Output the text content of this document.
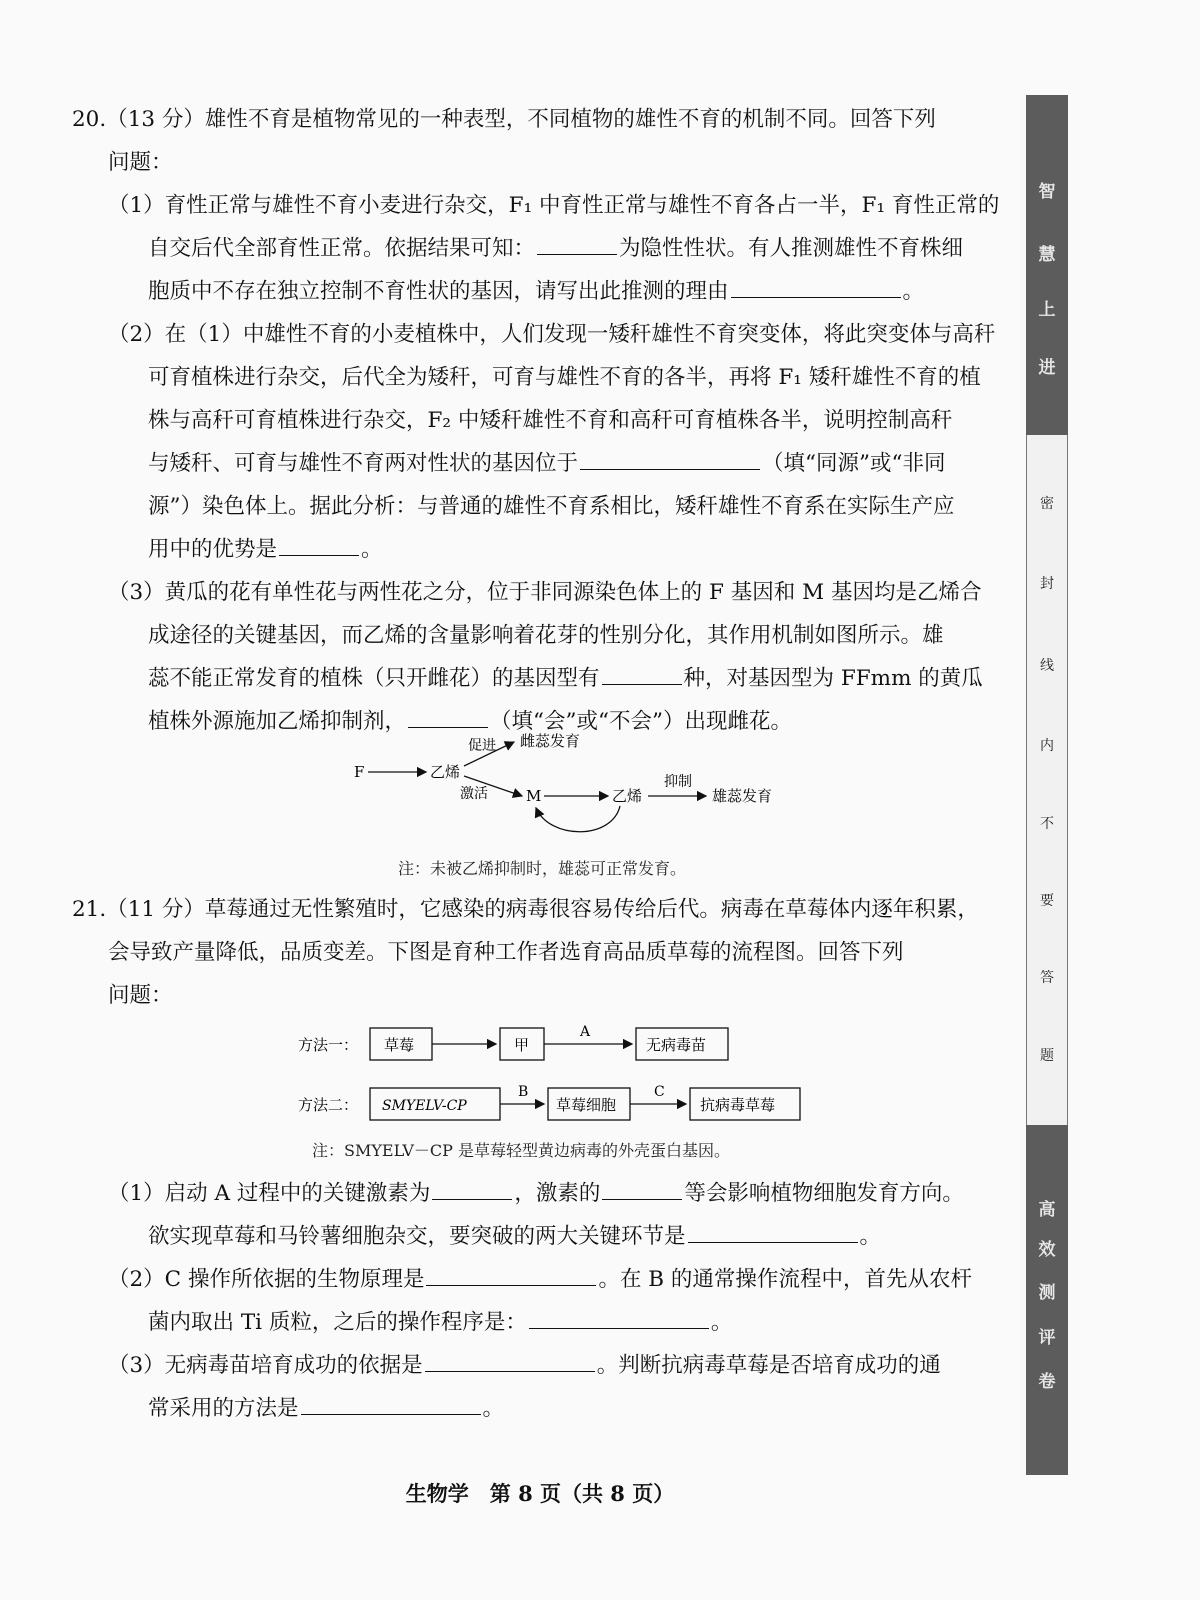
20.（13 分）雄性不育是植物常见的一种表型，不同植物的雄性不育的机制不同。回答下列
问题：
（1）育性正常与雄性不育小麦进行杂交，F₁ 中育性正常与雄性不育各占一半，F₁ 育性正常的
自交后代全部育性正常。依据结果可知：	为隐性性状。有人推测雄性不育株细
胞质中不存在独立控制不育性状的基因，请写出此推测的理由	。
（2）在（1）中雄性不育的小麦植株中，人们发现一矮秆雄性不育突变体，将此突变体与高秆
可育植株进行杂交，后代全为矮秆，可育与雄性不育的各半，再将 F₁ 矮秆雄性不育的植
株与高秆可育植株进行杂交，F₂ 中矮秆雄性不育和高秆可育植株各半，说明控制高秆
与矮秆、可育与雄性不育两对性状的基因位于	（填“同源”或“非同
源”）染色体上。据此分析：与普通的雄性不育系相比，矮秆雄性不育系在实际生产应
用中的优势是	。
（3）黄瓜的花有单性花与两性花之分，位于非同源染色体上的 F 基因和 M 基因均是乙烯合
成途径的关键基因，而乙烯的含量影响着花芽的性别分化，其作用机制如图所示。雄
蕊不能正常发育的植株（只开雌花）的基因型有	种，对基因型为 FFmm 的黄瓜
植株外源施加乙烯抑制剂，	（填“会”或“不会”）出现雌花。
F	乙烯
促进 雌蕊发育
激活	M	乙烯
抑制
雄蕊发育
注：未被乙烯抑制时，雄蕊可正常发育。
21.（11 分）草莓通过无性繁殖时，它感染的病毒很容易传给后代。病毒在草莓体内逐年积累，
会导致产量降低，品质变差。下图是育种工作者选育高品质草莓的流程图。回答下列
问题：
方法一： 草莓	甲
A
无病毒苗
方法二： SMYELV-CP
B
草莓细胞
C
抗病毒草莓
注：SMYELV－CP 是草莓轻型黄边病毒的外壳蛋白基因。
（1）启动 A 过程中的关键激素为	，激素的	等会影响植物细胞发育方向。
欲实现草莓和马铃薯细胞杂交，要突破的两大关键环节是	。
（2）C 操作所依据的生物原理是	。在 B 的通常操作流程中，首先从农杆
菌内取出 Ti 质粒，之后的操作程序是：	。
（3）无病毒苗培育成功的依据是	。判断抗病毒草莓是否培育成功的通
常采用的方法是	。
生物学　第 8 页（共 8 页）
智
慧
上
进
密
封
线
内
不
要
答
题
高
效
测
评
卷
